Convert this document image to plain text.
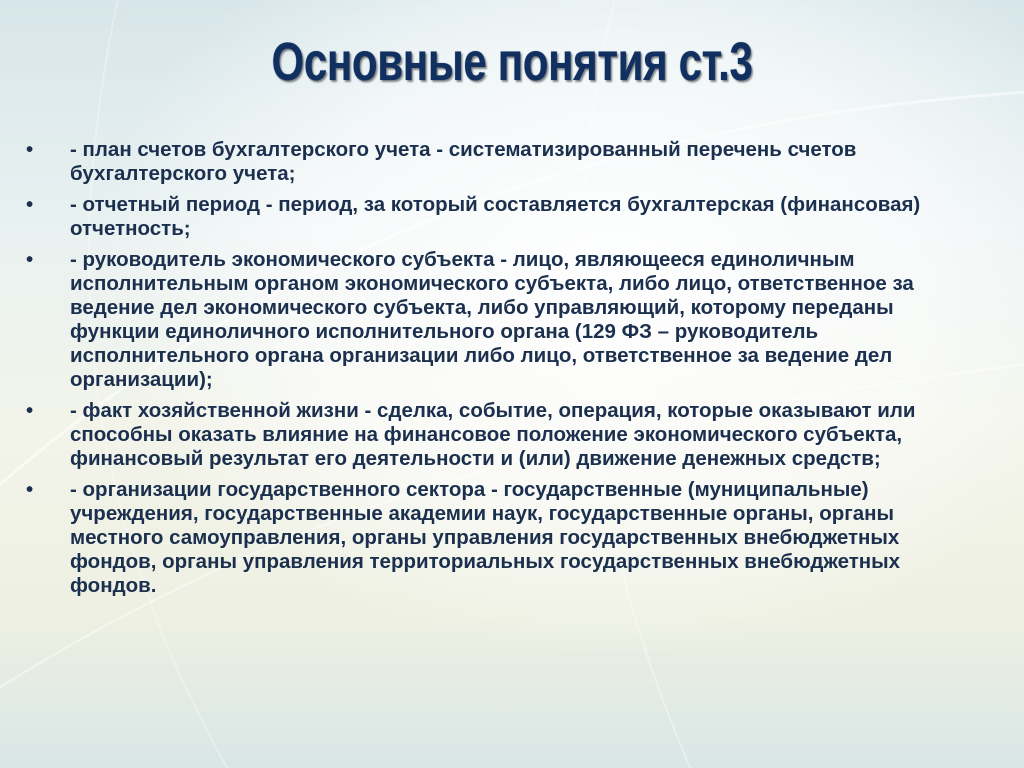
Основные понятия ст.3
•	- план счетов бухгалтерского учета - систематизированный перечень счетов бухгалтерского учета;
•	- отчетный период - период, за который составляется бухгалтерская (финансовая) отчетность;
•	- руководитель экономического субъекта - лицо, являющееся единоличным исполнительным органом экономического субъекта, либо лицо, ответственное за ведение дел экономического субъекта, либо управляющий, которому переданы функции единоличного исполнительного органа (129 ФЗ – руководитель исполнительного органа организации либо лицо, ответственное за ведение дел организации);
•	- факт хозяйственной жизни - сделка, событие, операция, которые оказывают или способны оказать влияние на финансовое положение экономического субъекта, финансовый результат его деятельности и (или) движение денежных средств;
•	- организации государственного сектора - государственные (муниципальные) учреждения, государственные академии наук, государственные органы, органы местного самоуправления, органы управления государственных внебюджетных фондов, органы управления территориальных государственных внебюджетных фондов.
